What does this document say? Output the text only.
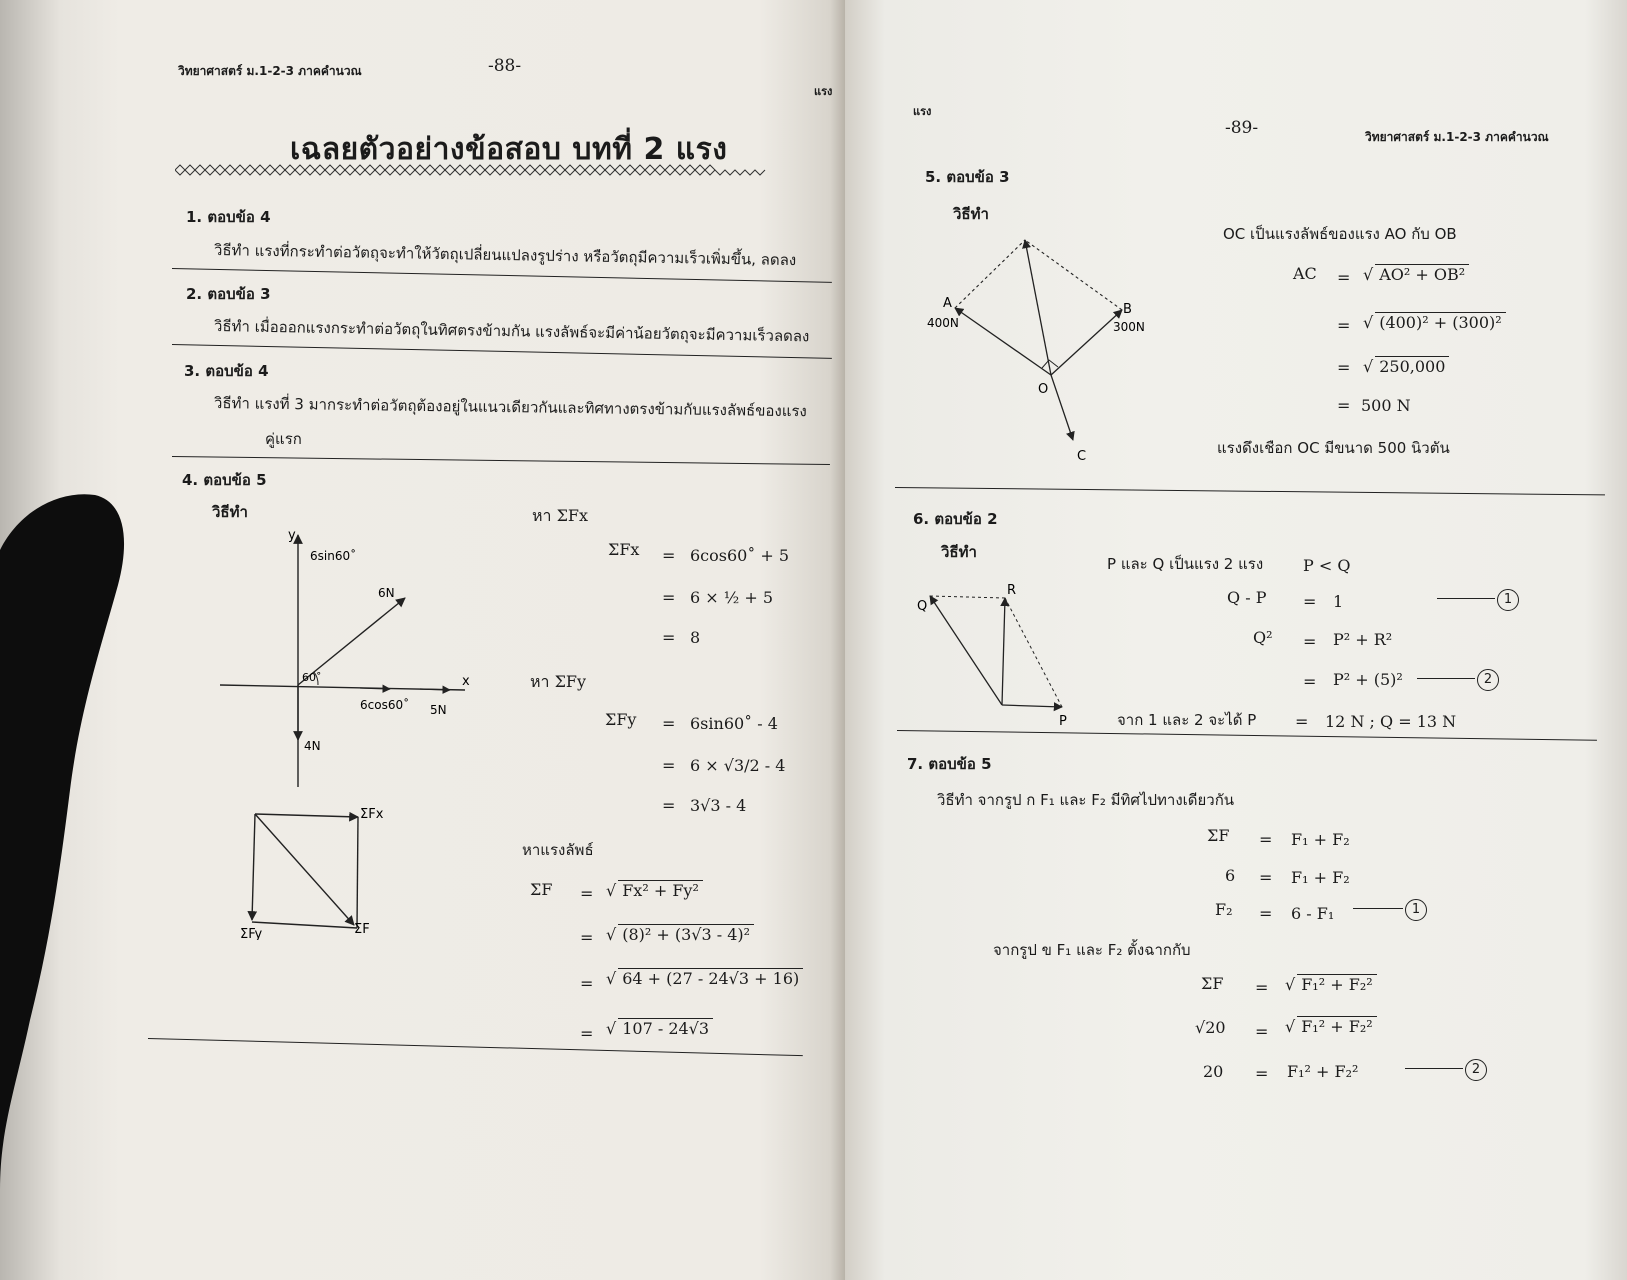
วิทยาศาสตร์ ม.1-2-3 ภาคคำนวณ	-88-
แรง
เฉลยตัวอย่างข้อสอบ บทที่ 2 แรง
1. ตอบข้อ 4
วิธีทำ แรงที่กระทำต่อวัตถุจะทำให้วัตถุเปลี่ยนแปลงรูปร่าง หรือวัตถุมีความเร็วเพิ่มขึ้น, ลดลง
2. ตอบข้อ 3
วิธีทำ เมื่อออกแรงกระทำต่อวัตถุในทิศตรงข้ามกัน แรงลัพธ์จะมีค่าน้อยวัตถุจะมีความเร็วลดลง
3. ตอบข้อ 4
วิธีทำ แรงที่ 3 มากระทำต่อวัตถุต้องอยู่ในแนวเดียวกันและทิศทางตรงข้ามกับแรงลัพธ์ของแรง
คู่แรก
4. ตอบข้อ 5
วิธีทำ
y
6sin60˚
6N
60˚	x
6cos60˚ 5N
4N
ΣFx
ΣFy	ΣF
หา ΣFx
ΣFx = 6cos60˚ + 5
= 6 × ½ + 5
= 8
หา ΣFy
ΣFy = 6sin60˚ - 4
= 6 × √3/2 - 4
= 3√3 - 4
หาแรงลัพธ์
ΣF = √ Fx² + Fy²
= √ (8)² + (3√3 - 4)²
= √ 64 + (27 - 24√3 + 16)
= √ 107 - 24√3
แรง
-89-	วิทยาศาสตร์ ม.1-2-3 ภาคคำนวณ
5. ตอบข้อ 3
วิธีทำ
OC เป็นแรงลัพธ์ของแรง AO กับ OB
A
400N
B
300N
O
C
AC = √ AO² + OB²
= √ (400)² + (300)²
= √ 250,000
= 500 N
แรงดึงเชือก OC มีขนาด 500 นิวตัน
6. ตอบข้อ 2
วิธีทำ
P และ Q เป็นแรง 2 แรง P < Q
Q
R
P
Q - P = 1	1
Q² = P² + R²
= P² + (5)²	2
จาก 1 และ 2 จะได้ P = 12 N ; Q = 13 N
7. ตอบข้อ 5
วิธีทำ จากรูป ก F₁ และ F₂ มีทิศไปทางเดียวกัน
ΣF = F₁ + F₂
6 = F₁ + F₂
F₂ = 6 - F₁	1
จากรูป ข F₁ และ F₂ ตั้งฉากกับ
ΣF = √ F₁² + F₂²
√20 = √ F₁² + F₂²
20 = F₁² + F₂²	2
